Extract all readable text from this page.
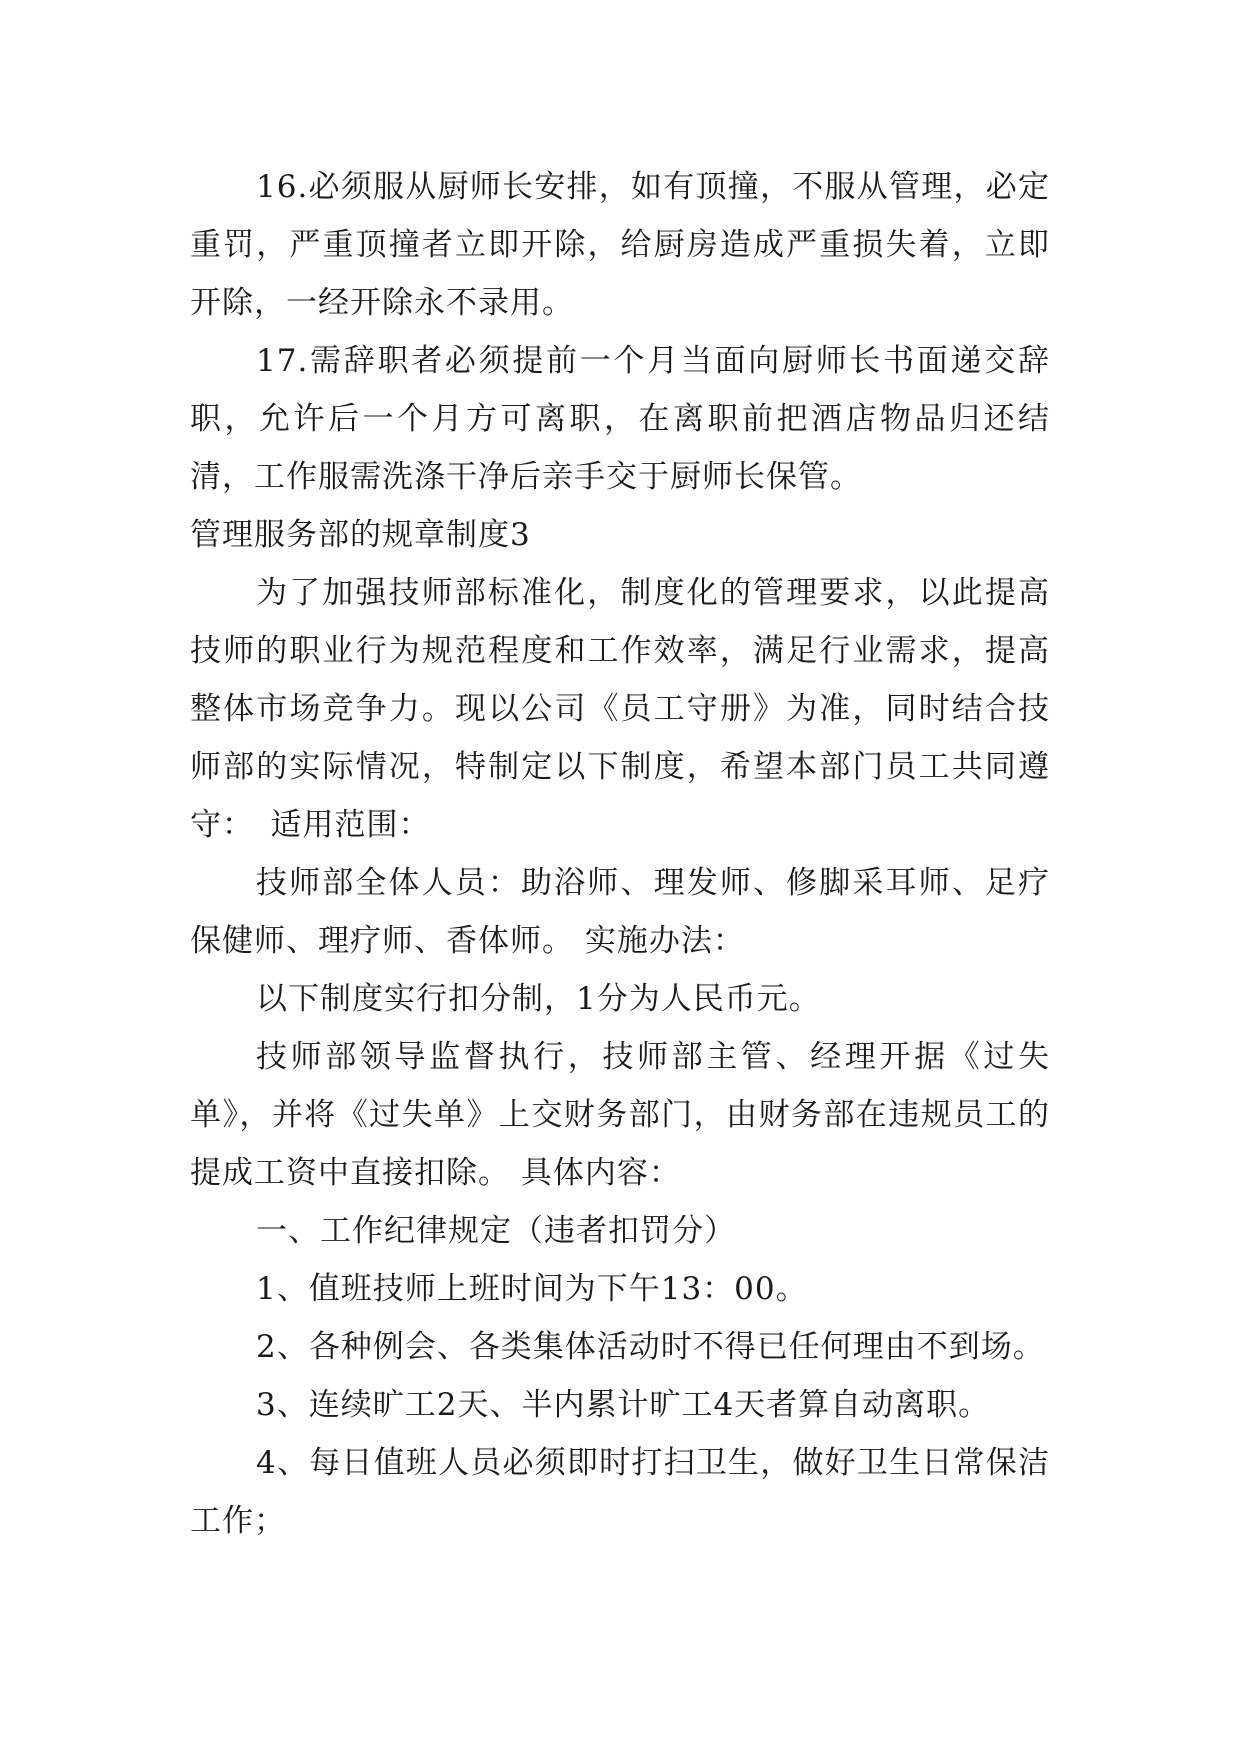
16.必须服从厨师长安排，如有顶撞，不服从管理，必定重罚，严重顶撞者立即开除，给厨房造成严重损失着，立即开除，一经开除永不录用。

17.需辞职者必须提前一个月当面向厨师长书面递交辞职，允许后一个月方可离职，在离职前把酒店物品归还结清，工作服需洗涤干净后亲手交于厨师长保管。

管理服务部的规章制度3

为了加强技师部标准化，制度化的管理要求，以此提高技师的职业行为规范程度和工作效率，满足行业需求，提高整体市场竞争力。现以公司《员工守册》为准，同时结合技师部的实际情况，特制定以下制度，希望本部门员工共同遵守：　适用范围：

技师部全体人员：助浴师、理发师、修脚采耳师、足疗保健师、理疗师、香体师。 实施办法：

以下制度实行扣分制，1分为人民币元。

技师部领导监督执行，技师部主管、经理开据《过失单》，并将《过失单》上交财务部门，由财务部在违规员工的提成工资中直接扣除。 具体内容：

一、工作纪律规定（违者扣罚分）

1、值班技师上班时间为下午13：00。

2、各种例会、各类集体活动时不得已任何理由不到场。

3、连续旷工2天、半内累计旷工4天者算自动离职。

4、每日值班人员必须即时打扫卫生，做好卫生日常保洁工作；
